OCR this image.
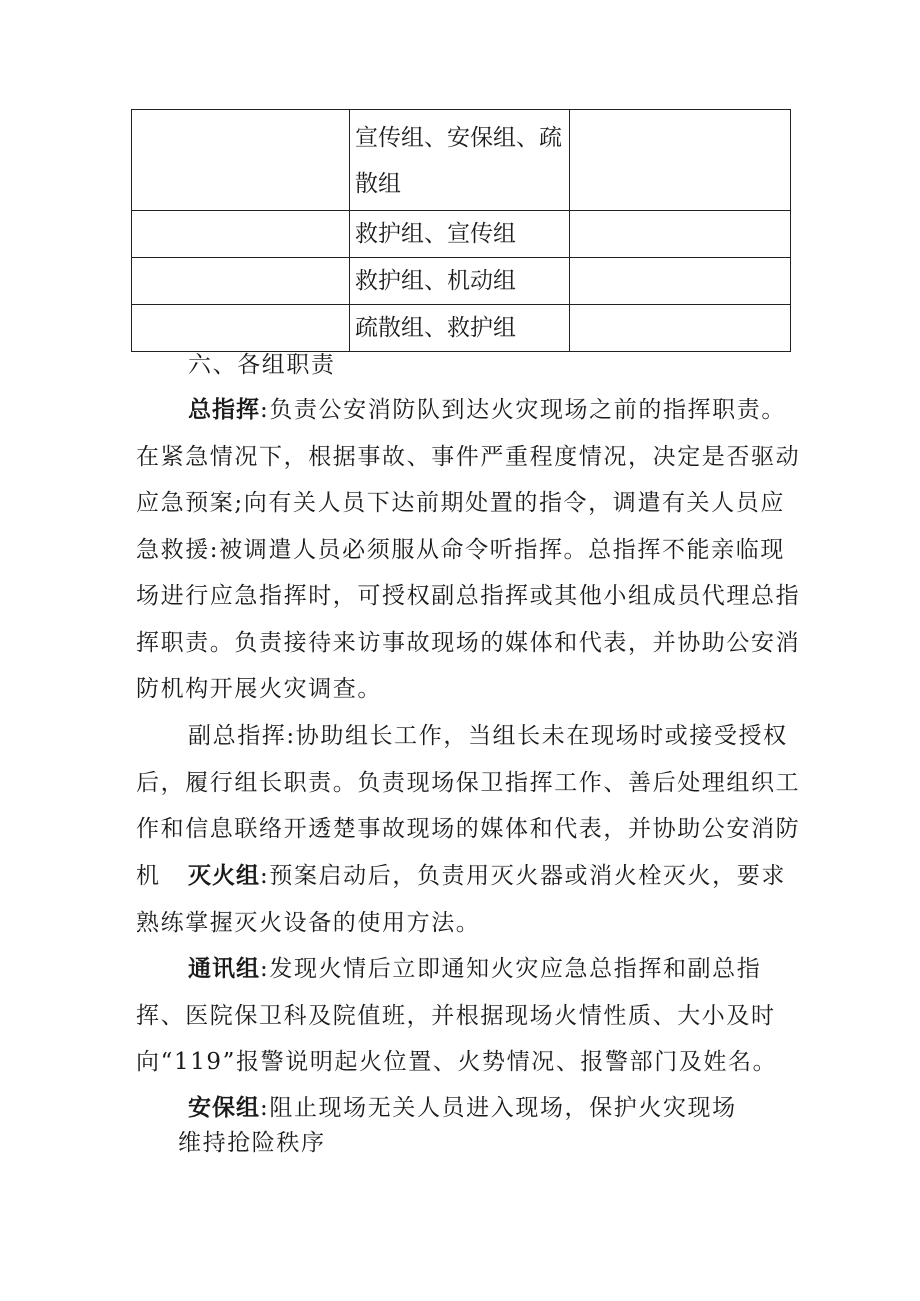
	宣传组、安保组、疏散组	
	救护组、宣传组	
	救护组、机动组	
	疏散组、救护组	

六、各组职责

总指挥:负责公安消防队到达火灾现场之前的指挥职责。在紧急情况下，根据事故、事件严重程度情况，决定是否驱动应急预案;向有关人员下达前期处置的指令，调遣有关人员应急救援:被调遣人员必须服从命令听指挥。总指挥不能亲临现场进行应急指挥时，可授权副总指挥或其他小组成员代理总指挥职责。负责接待来访事故现场的媒体和代表，并协助公安消防机构开展火灾调查。

副总指挥:协助组长工作，当组长未在现场时或接受授权后，履行组长职责。负责现场保卫指挥工作、善后处理组织工作和信息联络开透楚事故现场的媒体和代表，并协助公安消防机	灭火组:预案启动后，负责用灭火器或消火栓灭火，要求熟练掌握灭火设备的使用方法。

通讯组:发现火情后立即通知火灾应急总指挥和副总指挥、医院保卫科及院值班，并根据现场火情性质、大小及时向“119”报警说明起火位置、火势情况、报警部门及姓名。

安保组:阻止现场无关人员进入现场，保护火灾现场

维持抢险秩序
